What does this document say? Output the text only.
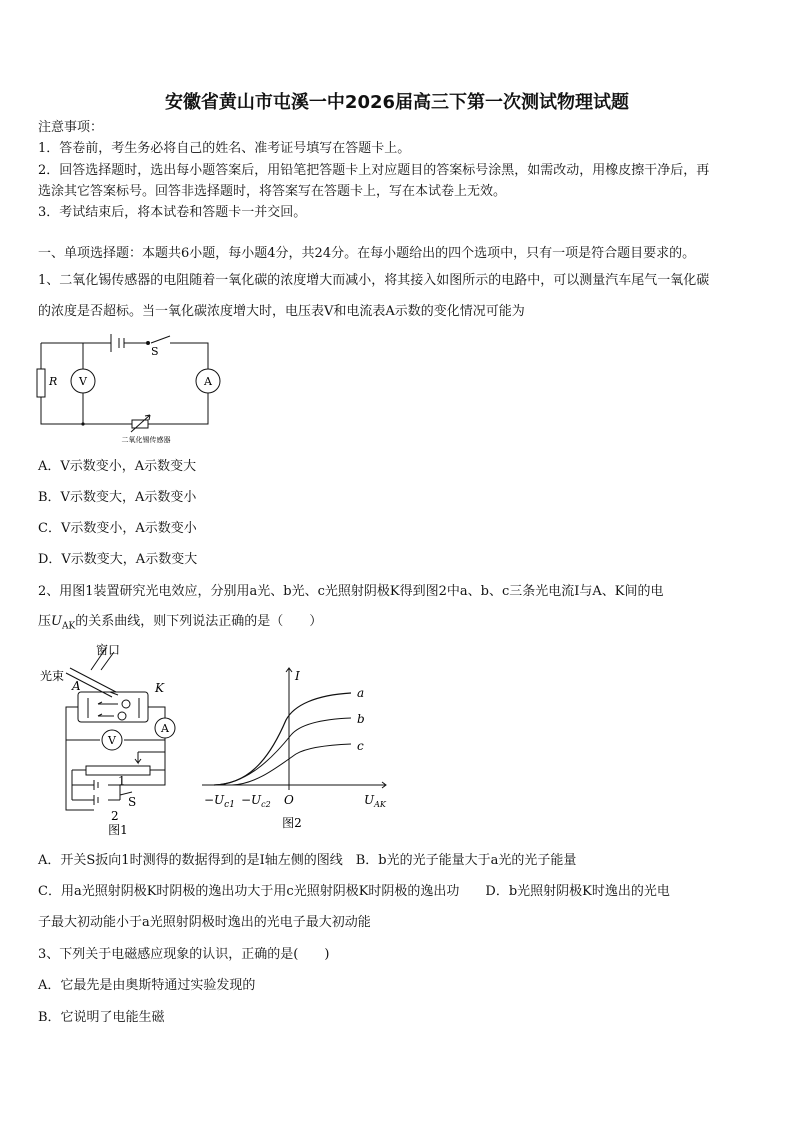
安徽省黄山市屯溪一中2026届高三下第一次测试物理试题
注意事项：
1．答卷前，考生务必将自己的姓名、准考证号填写在答题卡上。
2．回答选择题时，选出每小题答案后，用铅笔把答题卡上对应题目的答案标号涂黑，如需改动，用橡皮擦干净后，再
选涂其它答案标号。回答非选择题时，将答案写在答题卡上，写在本试卷上无效。
3．考试结束后，将本试卷和答题卡一并交回。
一、单项选择题：本题共6小题，每小题4分，共24分。在每小题给出的四个选项中，只有一项是符合题目要求的。
1、二氧化锡传感器的电阻随着一氧化碳的浓度增大而减小，将其接入如图所示的电路中，可以测量汽车尾气一氧化碳
的浓度是否超标。当一氧化碳浓度增大时，电压表V和电流表A示数的变化情况可能为
R V	A
S
二氧化锡传感器
A．V示数变小，A示数变大
B．V示数变大，A示数变小
C．V示数变小，A示数变小
D．V示数变大，A示数变大
2、用图1装置研究光电效应，分别用a光、b光、c光照射阴极K得到图2中a、b、c三条光电流I与A、K间的电
压$U_{AK}$的关系曲线，则下列说法正确的是（　　）
窗口
光束
A	K
A
V
1
2
S
图1
I
a
b
c
$-U_{c1} -U_{c2}$ O	$U_{AK}$
图2
A．开关S扳向1时测得的数据得到的是I轴左侧的图线　B．b光的光子能量大于a光的光子能量
C．用a光照射阴极K时阴极的逸出功大于用c光照射阴极K时阴极的逸出功　　D．b光照射阴极K时逸出的光电
子最大初动能小于a光照射阴极时逸出的光电子最大初动能
3、下列关于电磁感应现象的认识，正确的是(　　)
A．它最先是由奥斯特通过实验发现的
B．它说明了电能生磁
